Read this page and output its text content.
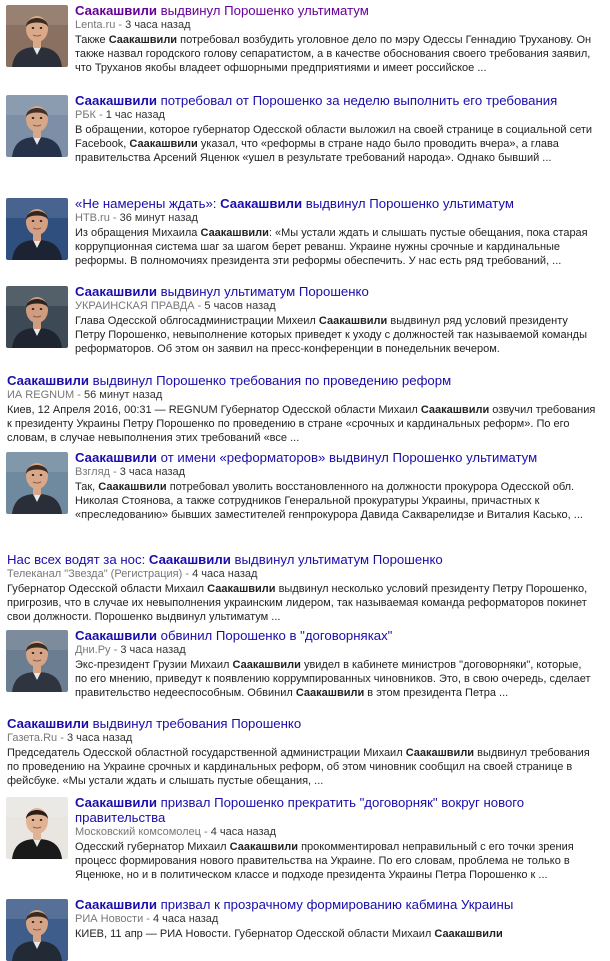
Саакашвили выдвинул Порошенко ультиматум
Lenta.ru - 3 часа назад
Также Саакашвили потребовал возбудить уголовное дело по мэру Одессы Геннадию Труханову. Он также назвал городского голову сепаратистом, а в качестве обоснования своего требования заявил, что Труханов якобы владеет офшорными предприятиями и имеет российское ...
Саакашвили потребовал от Порошенко за неделю выполнить его требования
РБК - 1 час назад
В обращении, которое губернатор Одесской области выложил на своей странице в социальной сети Facebook, Саакашвили указал, что «реформы в стране надо было проводить вчера», а глава правительства Арсений Яценюк «ушел в результате требований народа». Однако бывший ...
«Не намерены ждать»: Саакашвили выдвинул Порошенко ультиматум
НТВ.ru - 36 минут назад
Из обращения Михаила Саакашвили: «Мы устали ждать и слышать пустые обещания, пока старая коррупционная система шаг за шагом берет реванш. Украине нужны срочные и кардинальные реформы. В полномочиях президента эти реформы обеспечить. У нас есть ряд требований, ...
Саакашвили выдвинул ультиматум Порошенко
УКРАИНСКАЯ ПРАВДА - 5 часов назад
Глава Одесской облгосадминистрации Михеил Саакашвили выдвинул ряд условий президенту Петру Порошенко, невыполнение которых приведет к уходу с должностей так называемой команды реформаторов. Об этом он заявил на пресс-конференции в понедельник вечером.
Саакашвили выдвинул Порошенко требования по проведению реформ
ИА REGNUM - 56 минут назад
Киев, 12 Апреля 2016, 00:31 — REGNUM Губернатор Одесской области Михаил Саакашвили озвучил требования к президенту Украины Петру Порошенко по проведению в стране «срочных и кардинальных реформ». По его словам, в случае невыполнения этих требований «все ...
Саакашвили от имени «реформаторов» выдвинул Порошенко ультиматум
Взгляд - 3 часа назад
Так, Саакашвили потребовал уволить восстановленного на должности прокурора Одесской обл. Николая Стоянова, а также сотрудников Генеральной прокуратуры Украины, причастных к «преследованию» бывших заместителей генпрокурора Давида Сакварелидзе и Виталия Касько, ...
Нас всех водят за нос: Саакашвили выдвинул ультиматум Порошенко
Телеканал "Звезда" (Регистрация) - 4 часа назад
Губернатор Одесской области Михаил Саакашвили выдвинул несколько условий президенту Петру Порошенко, пригрозив, что в случае их невыполнения украинским лидером, так называемая команда реформаторов покинет свои должности. Порошенко выдвинул ультиматум ...
Саакашвили обвинил Порошенко в "договорняках"
Дни.Ру - 3 часа назад
Экс-президент Грузии Михаил Саакашвили увидел в кабинете министров "договорняки", которые, по его мнению, приведут к появлению коррумпированных чиновников. Это, в свою очередь, сделает правительство недееспособным. Обвинил Саакашвили в этом президента Петра ...
Саакашвили выдвинул требования Порошенко
Газета.Ru - 3 часа назад
Председатель Одесской областной государственной администрации Михаил Саакашвили выдвинул требования по проведению на Украине срочных и кардинальных реформ, об этом чиновник сообщил на своей странице в фейсбуке. «Мы устали ждать и слышать пустые обещания, ...
Саакашвили призвал Порошенко прекратить "договорняк" вокруг нового правительства
Московский комсомолец - 4 часа назад
Одесский губернатор Михаил Саакашвили прокомментировал неправильный с его точки зрения процесс формирования нового правительства на Украине. По его словам, проблема не только в Яценюке, но и в политическом классе и подходе президента Украины Петра Порошенко к ...
Саакашвили призвал к прозрачному формированию кабмина Украины
РИА Новости - 4 часа назад
КИЕВ, 11 апр — РИА Новости. Губернатор Одесской области Михаил Саакашвили
